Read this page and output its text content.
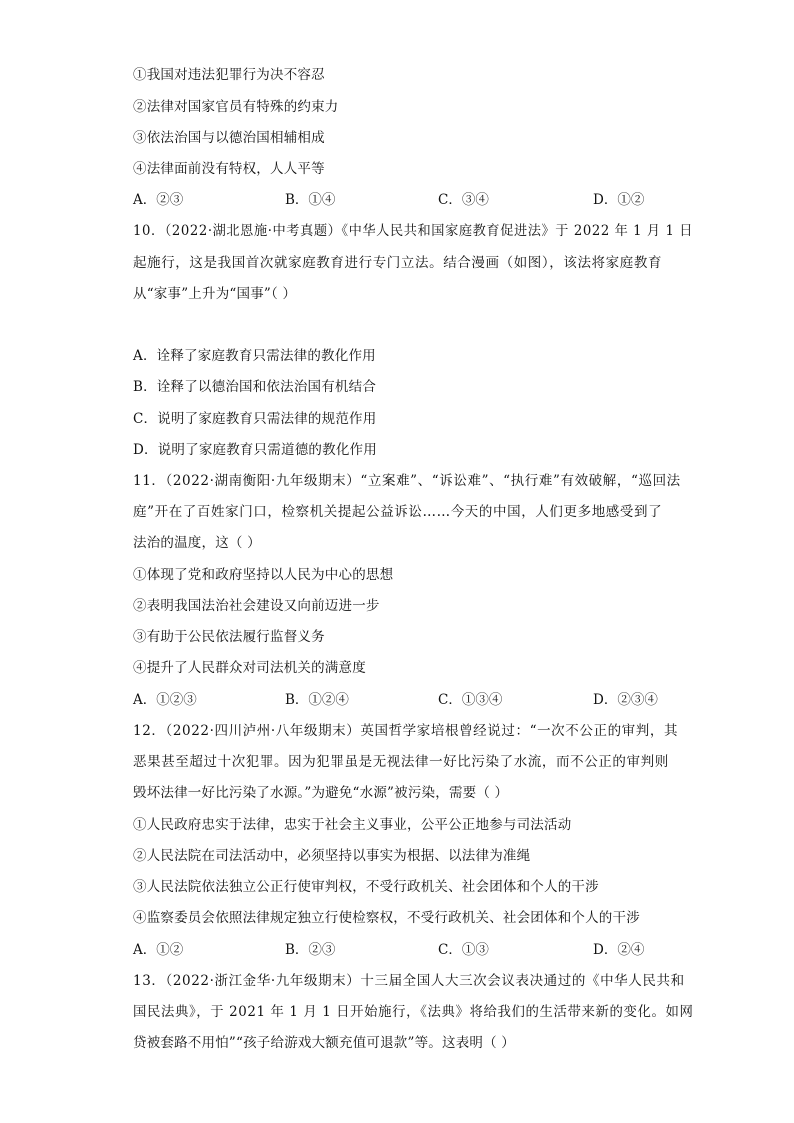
①我国对违法犯罪行为决不容忍
②法律对国家官员有特殊的约束力
③依法治国与以德治国相辅相成
④法律面前没有特权，人人平等
A．②③	B．①④	C．③④	D．①②
10．（2022·湖北恩施·中考真题）《中华人民共和国家庭教育促进法》于 2022 年 1 月 1 日
起施行，这是我国首次就家庭教育进行专门立法。结合漫画（如图），该法将家庭教育
从“家事”上升为“国事”（ ）
A．诠释了家庭教育只需法律的教化作用
B．诠释了以德治国和依法治国有机结合
C．说明了家庭教育只需法律的规范作用
D．说明了家庭教育只需道德的教化作用
11．（2022·湖南衡阳·九年级期末）“立案难”、“诉讼难”、“执行难”有效破解，“巡回法
庭”开在了百姓家门口，检察机关提起公益诉讼……今天的中国，人们更多地感受到了
法治的温度，这（ ）
①体现了党和政府坚持以人民为中心的思想
②表明我国法治社会建设又向前迈进一步
③有助于公民依法履行监督义务
④提升了人民群众对司法机关的满意度
A．①②③	B．①②④	C．①③④	D．②③④
12．（2022·四川泸州·八年级期末）英国哲学家培根曾经说过：“一次不公正的审判，其
恶果甚至超过十次犯罪。因为犯罪虽是无视法律一好比污染了水流，而不公正的审判则
毁坏法律一好比污染了水源。”为避免“水源”被污染，需要（ ）
①人民政府忠实于法律，忠实于社会主义事业，公平公正地参与司法活动
②人民法院在司法活动中，必须坚持以事实为根据、以法律为准绳
③人民法院依法独立公正行使审判权，不受行政机关、社会团体和个人的干涉
④监察委员会依照法律规定独立行使检察权，不受行政机关、社会团体和个人的干涉
A．①②	B．②③	C．①③	D．②④
13．（2022·浙江金华·九年级期末）十三届全国人大三次会议表决通过的《中华人民共和
国民法典》，于 2021 年 1 月 1 日开始施行，《法典》将给我们的生活带来新的变化。如网
贷被套路不用怕”“孩子给游戏大额充值可退款”等。这表明（ ）
